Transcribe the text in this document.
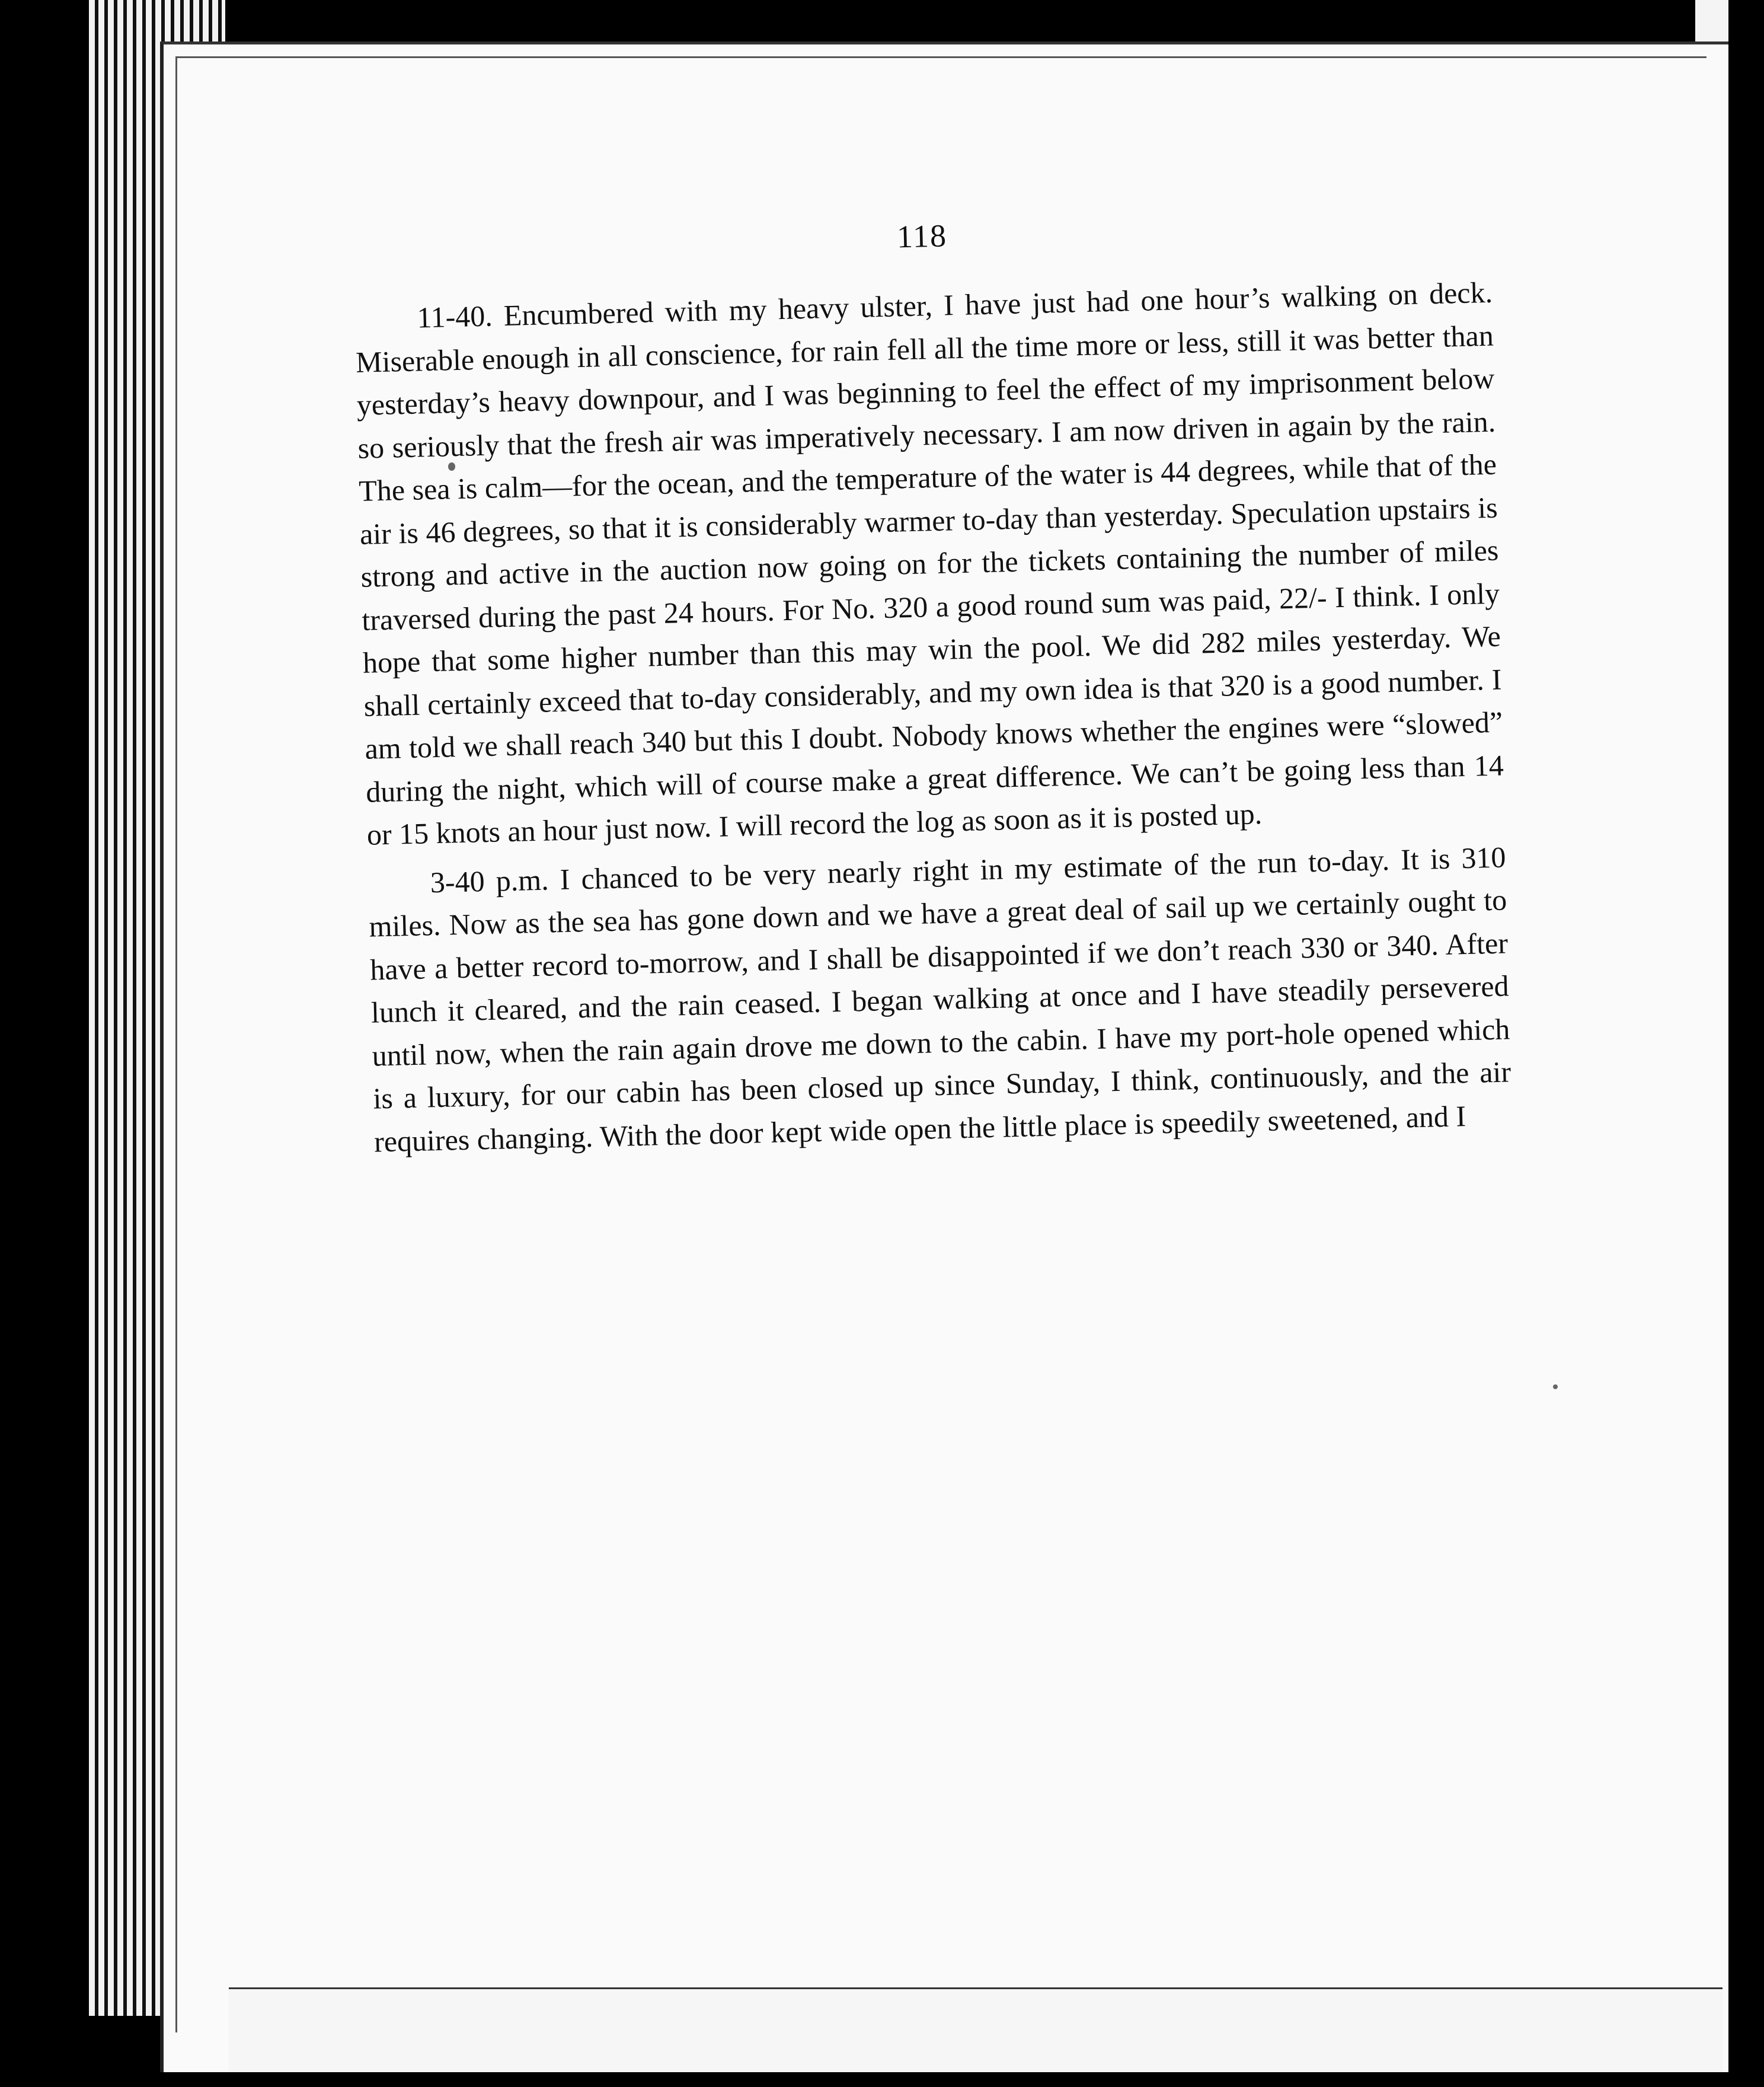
118

11-40. Encumbered with my heavy ulster, I have just had one hour’s walking on deck. Miserable enough in all conscience, for rain fell all the time more or less, still it was better than yesterday’s heavy downpour, and I was beginning to feel the effect of my imprisonment below so seriously that the fresh air was imperatively necessary. I am now driven in again by the rain. The sea is calm—for the ocean, and the temperature of the water is 44 degrees, while that of the air is 46 degrees, so that it is considerably warmer to-day than yesterday. Speculation upstairs is strong and active in the auction now going on for the tickets containing the number of miles traversed during the past 24 hours. For No. 320 a good round sum was paid, 22/- I think. I only hope that some higher number than this may win the pool. We did 282 miles yesterday. We shall certainly exceed that to-day considerably, and my own idea is that 320 is a good number. I am told we shall reach 340 but this I doubt. Nobody knows whether the engines were “slowed” during the night, which will of course make a great difference. We can’t be going less than 14 or 15 knots an hour just now. I will record the log as soon as it is posted up.

3-40 p.m. I chanced to be very nearly right in my estimate of the run to-day. It is 310 miles. Now as the sea has gone down and we have a great deal of sail up we certainly ought to have a better record to-morrow, and I shall be disappointed if we don’t reach 330 or 340. After lunch it cleared, and the rain ceased. I began walking at once and I have steadily persevered until now, when the rain again drove me down to the cabin. I have my port-hole opened which is a luxury, for our cabin has been closed up since Sunday, I think, continuously, and the air requires changing. With the door kept wide open the little place is speedily sweetened, and I
